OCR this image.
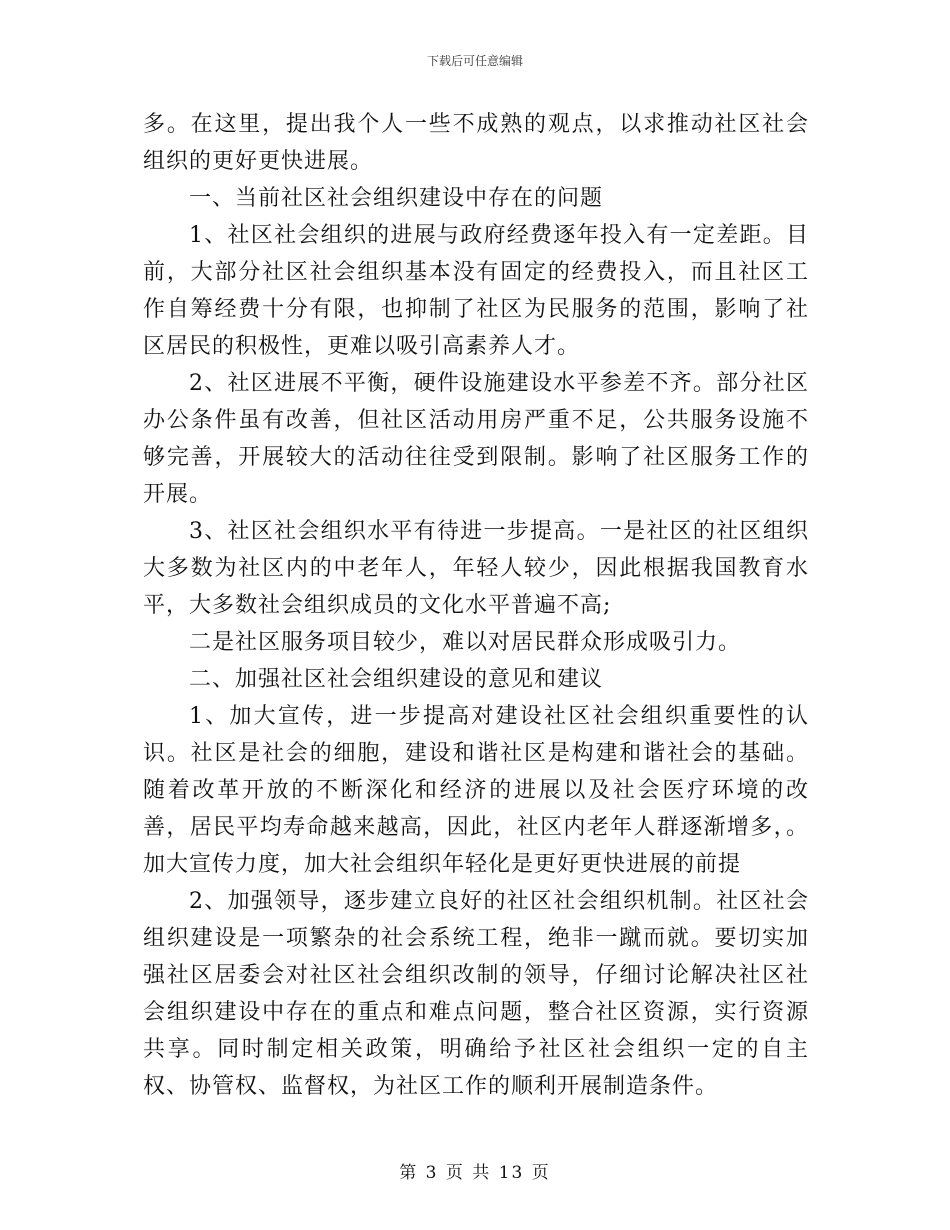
下载后可任意编辑

多。在这里，提出我个人一些不成熟的观点，以求推动社区社会组织的更好更快进展。

一、当前社区社会组织建设中存在的问题

1、社区社会组织的进展与政府经费逐年投入有一定差距。目前，大部分社区社会组织基本没有固定的经费投入，而且社区工作自筹经费十分有限，也抑制了社区为民服务的范围，影响了社区居民的积极性，更难以吸引高素养人才。

2、社区进展不平衡，硬件设施建设水平参差不齐。部分社区办公条件虽有改善，但社区活动用房严重不足，公共服务设施不够完善，开展较大的活动往往受到限制。影响了社区服务工作的开展。

3、社区社会组织水平有待进一步提高。一是社区的社区组织大多数为社区内的中老年人，年轻人较少，因此根据我国教育水平，大多数社会组织成员的文化水平普遍不高;

二是社区服务项目较少，难以对居民群众形成吸引力。

二、加强社区社会组织建设的意见和建议

1、加大宣传，进一步提高对建设社区社会组织重要性的认识。社区是社会的细胞，建设和谐社区是构建和谐社会的基础。随着改革开放的不断深化和经济的进展以及社会医疗环境的改善，居民平均寿命越来越高，因此，社区内老年人群逐渐增多，。加大宣传力度，加大社会组织年轻化是更好更快进展的前提

2、加强领导，逐步建立良好的社区社会组织机制。社区社会组织建设是一项繁杂的社会系统工程，绝非一蹴而就。要切实加强社区居委会对社区社会组织改制的领导，仔细讨论解决社区社会组织建设中存在的重点和难点问题，整合社区资源，实行资源共享。同时制定相关政策，明确给予社区社会组织一定的自主权、协管权、监督权，为社区工作的顺利开展制造条件。

第 3 页 共 13 页
